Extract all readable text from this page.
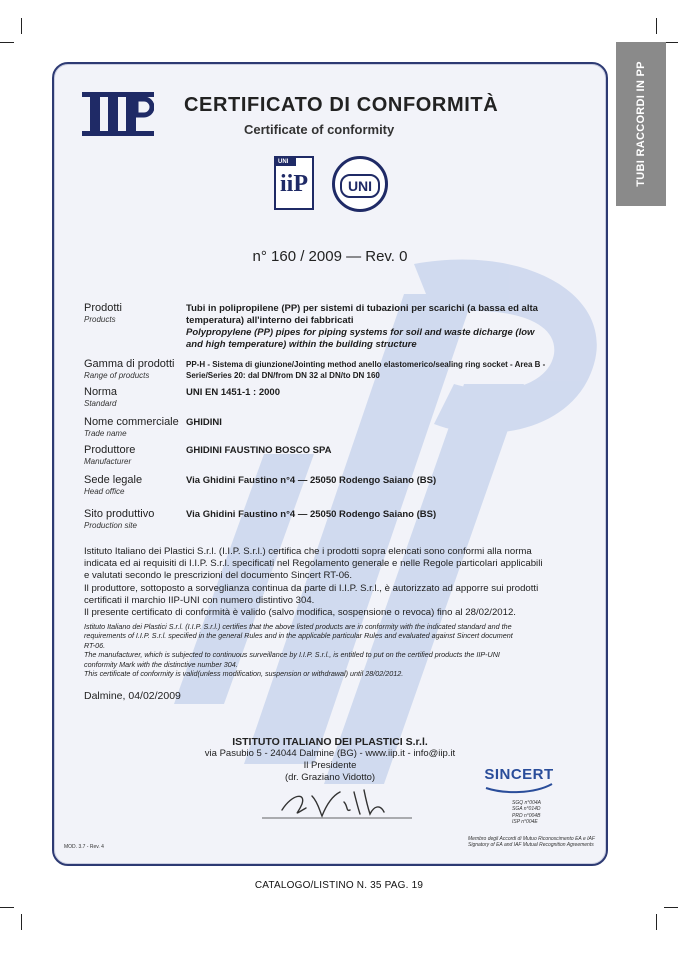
TUBI RACCORDI IN PP
CERTIFICATO DI CONFORMITÀ
Certificate of conformity
UNI
iiP	UNI
n° 160 / 2009 — Rev. 0
Prodotti
Products
Tubi in polipropilene (PP) per sistemi di tubazioni per scarichi (a bassa ed alta
temperatura) all'interno dei fabbricati
Polypropylene (PP) pipes for piping systems for soil and waste dicharge (low
and high temperature) within the building structure
Gamma di prodotti
Range of products
PP-H - Sistema di giunzione/Jointing method anello elastomerico/sealing ring socket - Area B -
Serie/Series 20: dal DN/from DN 32 al DN/to DN 160
Norma
Standard
UNI EN 1451-1 : 2000
Nome commerciale
Trade name
GHIDINI
Produttore
Manufacturer
GHIDINI FAUSTINO BOSCO SPA
Sede legale
Head office
Via Ghidini Faustino n°4 — 25050 Rodengo Saiano (BS)
Sito produttivo
Production site
Via Ghidini Faustino n°4 — 25050 Rodengo Saiano (BS)
Istituto Italiano dei Plastici S.r.l. (I.I.P. S.r.l.) certifica che i prodotti sopra elencati sono conformi alla norma
indicata ed ai requisiti di I.I.P. S.r.l. specificati nel Regolamento generale e nelle Regole particolari applicabili
e valutati secondo le prescrizioni del documento Sincert RT-06.
Il produttore, sottoposto a sorveglianza continua da parte di I.I.P. S.r.l., è autorizzato ad apporre sui prodotti
certificati il marchio IIP-UNI con numero distintivo 304.
Il presente certificato di conformità è valido (salvo modifica, sospensione o revoca) fino al 28/02/2012.
Istituto Italiano dei Plastici S.r.l. (I.I.P. S.r.l.) certifies that the above listed products are in conformity with the indicated standard and the
requirements of I.I.P. S.r.l. specified in the general Rules and in the applicable particular Rules and evaluated against Sincert document
RT-06.
The manufacturer, which is subjected to continuous surveillance by I.I.P. S.r.l., is entitled to put on the certified products the IIP-UNI
conformity Mark with the distinctive number 304.
This certificate of conformity is valid(unless modification, suspension or withdrawal) until 28/02/2012.
Dalmine, 04/02/2009
ISTITUTO ITALIANO DEI PLASTICI S.r.l.
via Pasubio 5 - 24044 Dalmine (BG) - www.iip.it - info@iip.it
Il Presidente
(dr. Graziano Vidotto)	SINCERT
SGQ n°004A
SGA n°014D
PRD n°004B
ISP n°004E
Membro degli Accordi di Mutuo Riconoscimento EA e IAF
Signatory of EA and IAF Mutual Recognition Agreements
MOD. 3.7 - Rev. 4
CATALOGO/LISTINO N. 35 PAG. 19
